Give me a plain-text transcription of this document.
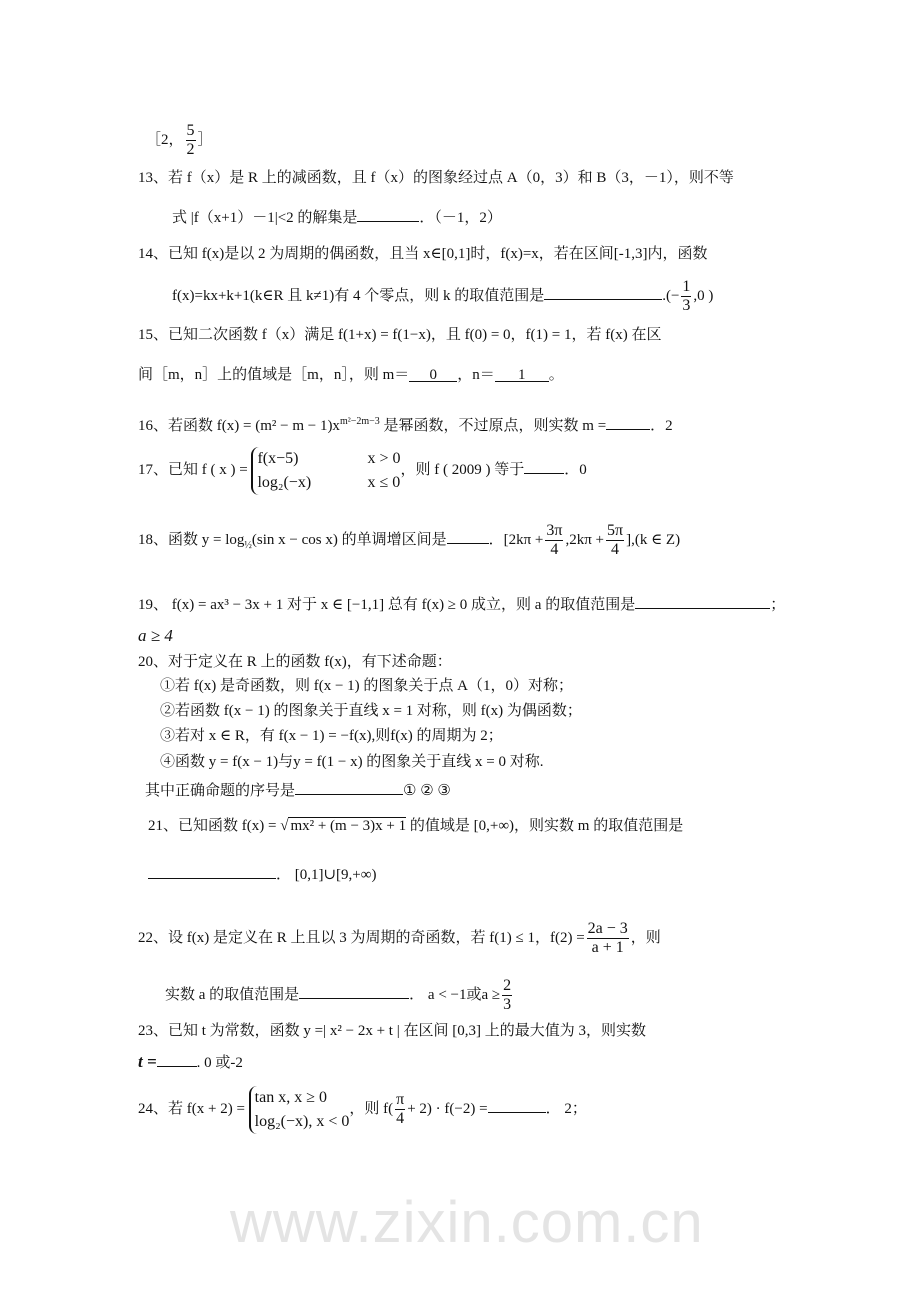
www.zixin.com.cn
［2， $\frac{5}{2}$ ］
13、若 f（x）是 R 上的减函数，且 f（x）的图象经过点 A（0，3）和 B（3，－1），则不等
式 |f（x+1）－1|<2 的解集是	．（－1，2）
14、已知 f(x)是以 2 为周期的偶函数，且当 x∈[0,1]时，f(x)=x，若在区间[-1,3]内，函数
f(x)=kx+k+1(k∈R 且 k≠1)有 4 个零点，则 k 的取值范围是	.(− $\frac{1}{3} ,0$ )
15、已知二次函数 f（x）满足 f(1+x) = f(1−x)，且 f(0) = 0，f(1) = 1，若 f(x) 在区
间［m，n］上的值域是［m，n］，则 m＝ 0 ，n＝ 1 。
16、若函数 $f(x) = (m^2 - m - 1)x^{m^2-2m-3}$ 是幂函数，不过原点，则实数 m =	．2
17、已知 f ( x ) =
f(x−5)	x > 0
log₂(−x)	x ≤ 0
，则 f ( 2009 ) 等于	．0
18、函数 $y = \log_{\frac{1}{2}}(\sin$ x − cos x) 的单调增区间是	．$[2k\pi + \frac{3\pi}{4} ,2k\pi + \frac{5\pi}{4} ],(k$ ∈ Z)
19、 f(x) = ax³ − 3x + 1 对于 x ∈ [−1,1] 总有 f(x) ≥ 0 成立，则 a 的取值范围是	；
a ≥ 4
20、对于定义在 R 上的函数 f(x)，有下述命题：
①若 f(x) 是奇函数，则 f(x − 1) 的图象关于点 A（1，0）对称；
②若函数 f(x − 1) 的图象关于直线 x = 1 对称，则 f(x) 为偶函数；
③若对 x ∈ R，有 f(x − 1) = −f(x),则f(x) 的周期为 2；
④函数 y = f(x − 1)与y = f(1 − x) 的图象关于直线 x = 0 对称.
其中正确命题的序号是	① ② ③
21、已知函数 f(x) = √ mx² + (m − 3)x + 1 的值域是 [0,+∞)，则实数 m 的取值范围是
． [0,1]∪[9,+∞)
22、设 f(x) 是定义在 R 上且以 3 为周期的奇函数，若 f(1) ≤ 1，$f(2) = \frac{2a - 3}{a + 1}$ ，则
实数 a 的取值范围是	． a < −1或$a \ge \frac{2}{3}$
23、已知 t 为常数，函数 y =| x² − 2x + t | 在区间 [0,3] 上的最大值为 3，则实数
t =	. 0 或-2
24、若 f(x + 2) =
tan x, x ≥ 0
log₂(−x), x < 0
，则 $f( \frac{\pi}{4} + 2) \cdot f(-2)$ =	． 2；
